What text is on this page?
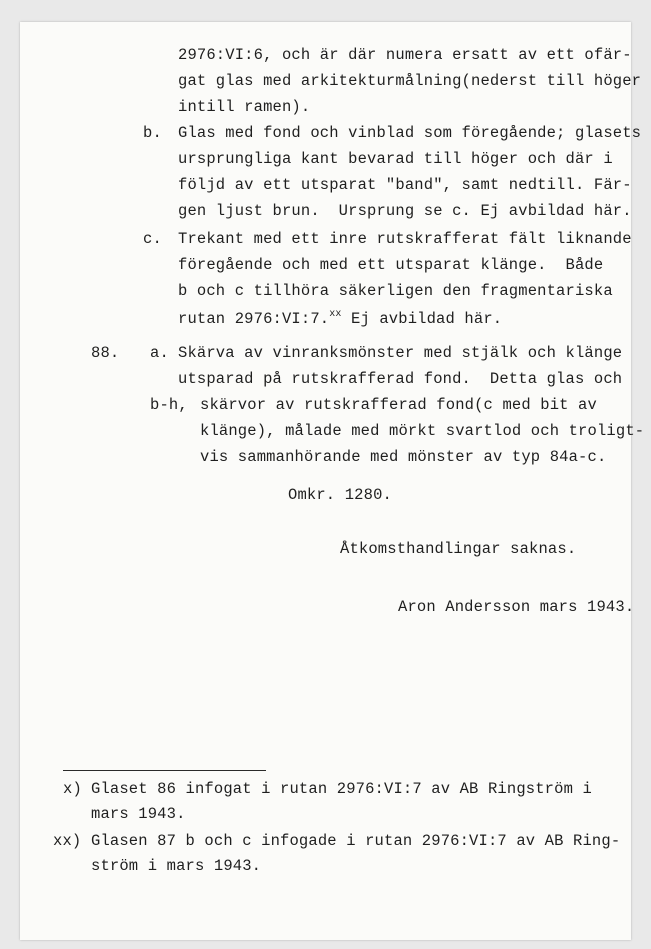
2976:VI:6, och är där numera ersatt av ett ofär-
gat glas med arkitekturmålning(nederst till höger
intill ramen).
b. Glas med fond och vinblad som föregående; glasets
ursprungliga kant bevarad till höger och där i
följd av ett utsparat "band", samt nedtill. Fär-
gen ljust brun.  Ursprung se c. Ej avbildad här.
c. Trekant med ett inre rutskrafferat fält liknande
föregående och med ett utsparat klänge.  Både
b och c tillhöra säkerligen den fragmentariska
rutan 2976:VI:7.$^{xx}$ Ej avbildad här.
88. a. Skärva av vinranksmönster med stjälk och klänge
utsparad på rutskrafferad fond.  Detta glas och
b-h, skärvor av rutskrafferad fond(c med bit av
klänge), målade med mörkt svartlod och troligt-
vis sammanhörande med mönster av typ 84a-c.
Omkr. 1280.
Åtkomsthandlingar saknas.
Aron Andersson mars 1943.
x) Glaset 86 infogat i rutan 2976:VI:7 av AB Ringström i
mars 1943.
xx) Glasen 87 b och c infogade i rutan 2976:VI:7 av AB Ring-
ström i mars 1943.
